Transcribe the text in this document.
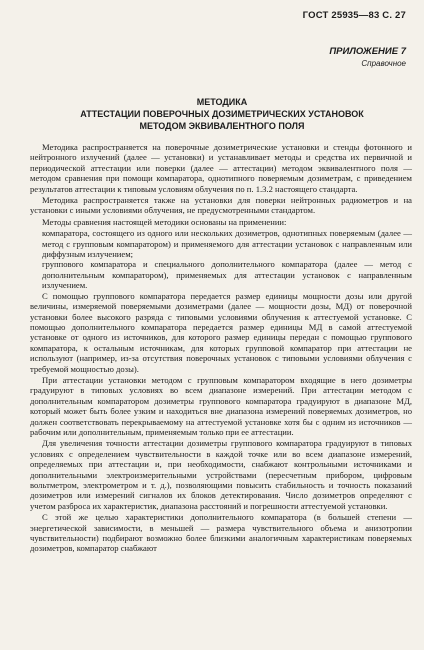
ГОСТ 25935—83 С. 27
ПРИЛОЖЕНИЕ 7
Справочное
МЕТОДИКА
АТТЕСТАЦИИ ПОВЕРОЧНЫХ ДОЗИМЕТРИЧЕСКИХ УСТАНОВОК
МЕТОДОМ ЭКВИВАЛЕНТНОГО ПОЛЯ

Методика распространяется на поверочные дозиметрические установки и стенды фотонного и нейтронного излучений (далее — установки) и устанавливает методы и средства их первичной и периодической аттестации или поверки (далее — аттестации) методом эквивалентного поля — методом сравнения при помощи компаратора, однотипного поверяемым дозиметрам, с приведением результатов аттестации к типовым условиям облучения по п. 1.3.2 настоящего стандарта.

Методика распространяется также на установки для поверки нейтронных радиометров и на установки с иными условиями облучения, не предусмотренными стандартом.

Методы сравнения настоящей методики основаны на применении:

компаратора, состоящего из одного или нескольких дозиметров, однотипных поверяемым (далее — метод с групповым компаратором) и применяемого для аттестации установок с направленным или диффузным излучением;

группового компаратора и специального дополнительного компаратора (далее — метод с дополнительным компаратором), применяемых для аттестации установок с направленным излучением.

С помощью группового компаратора передается размер единицы мощности дозы или другой величины, измеряемой поверяемыми дозиметрами (далее — мощности дозы, МД) от поверочной установки более высокого разряда с типовыми условиями облучения к аттестуемой установке. С помощью дополнительного компаратора передается размер единицы МД в самой аттестуемой установке от одного из источников, для которого размер единицы передан с помощью группового компаратора, к остальным источникам, для которых групповой компаратор при аттестации не используют (например, из-за отсутствия поверочных установок с типовыми условиями облучения с требуемой мощностью дозы).

При аттестации установки методом с групповым компаратором входящие в него дозиметры градуируют в типовых условиях во всем диапазоне измерений. При аттестации методом с дополнительным компаратором дозиметры группового компаратора градуируют в диапазоне МД, который может быть более узким и находиться вне диапазона измерений поверяемых дозиметров, но должен соответствовать перекрываемому на аттестуемой установке хотя бы с одним из источников — рабочим или дополнительным, применяемым только при ее аттестации.

Для увеличения точности аттестации дозиметры группового компаратора градуируют в типовых условиях с определением чувствительности в каждой точке или во всем диапазоне измерений, определяемых при аттестации и, при необходимости, снабжают контрольными источниками и дополнительными электроизмерительными устройствами (пересчетным прибором, цифровым вольтметром, электрометром и т. д.), позволяющими повысить стабильность и точность показаний дозиметров или измерений сигналов их блоков детектирования. Число дозиметров определяют с учетом разброса их характеристик, диапазона расстояний и погрешности аттестуемой установки.

С этой же целью характеристики дополнительного компаратора (в большей степени — энергетической зависимости, в меньшей — размера чувствительного объема и анизотропии чувствительности) подбирают возможно более близкими аналогичным характеристикам поверяемых дозиметров, компаратор снабжают
